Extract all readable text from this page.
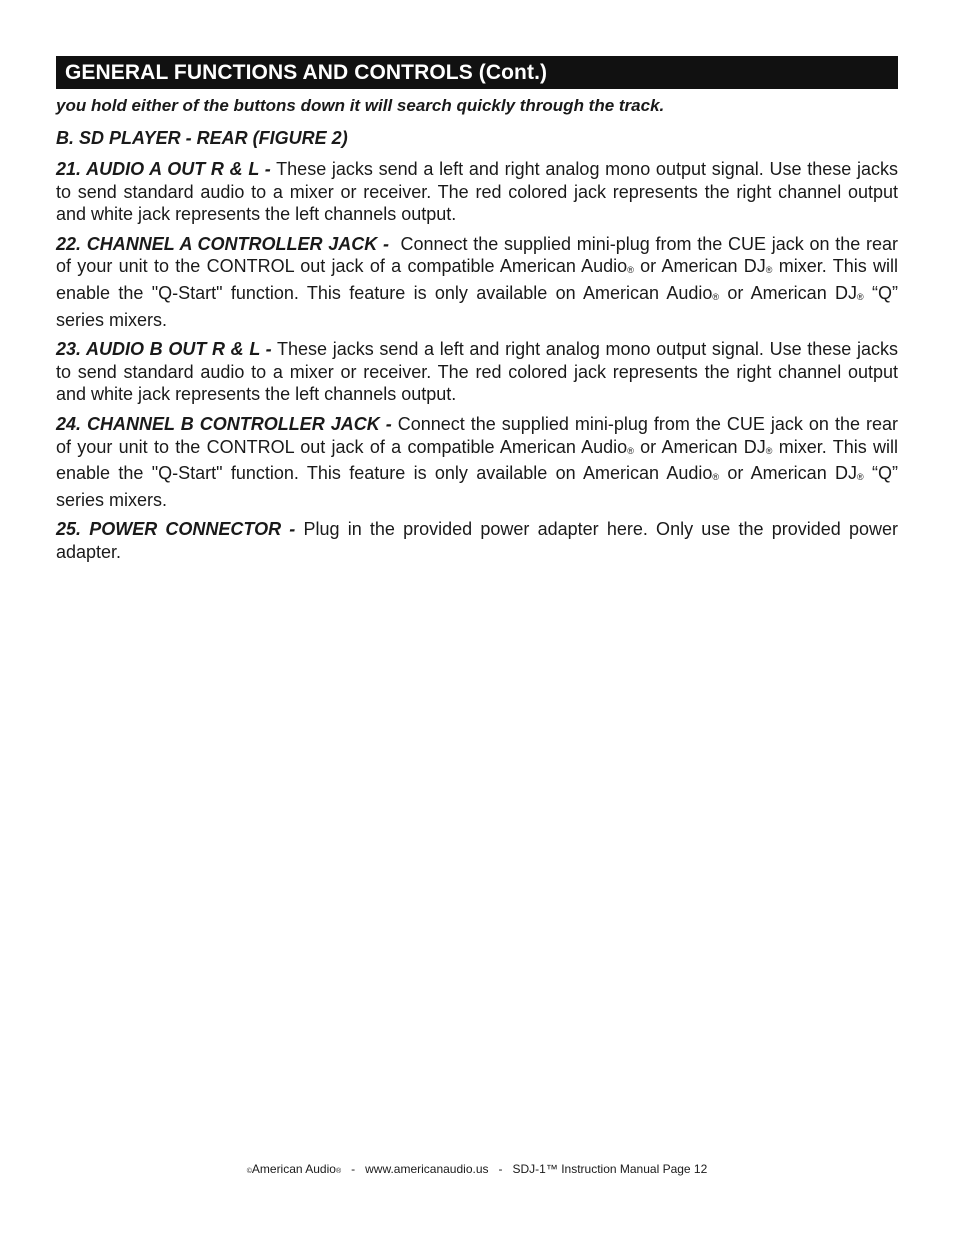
GENERAL FUNCTIONS AND CONTROLS (Cont.)

you hold either of the buttons down it will search quickly through the track.

B. SD PLAYER - REAR (FIGURE 2)

21. AUDIO A OUT R & L - These jacks send a left and right analog mono output signal. Use these jacks to send standard audio to a mixer or receiver. The red colored jack represents the right channel output and white jack represents the left channels output.

22. CHANNEL A CONTROLLER JACK - Connect the supplied mini-plug from the CUE jack on the rear of your unit to the CONTROL out jack of a compatible American Audio® or American DJ® mixer. This will enable the "Q-Start" function. This feature is only available on American Audio® or American DJ® “Q” series mixers.

23. AUDIO B OUT R & L - These jacks send a left and right analog mono output signal. Use these jacks to send standard audio to a mixer or receiver. The red colored jack represents the right channel output and white jack represents the left channels output.

24. CHANNEL B CONTROLLER JACK - Connect the supplied mini-plug from the CUE jack on the rear of your unit to the CONTROL out jack of a compatible American Audio® or American DJ® mixer. This will enable the "Q-Start" function. This feature is only available on American Audio® or American DJ® “Q” series mixers.

25. POWER CONNECTOR - Plug in the provided power adapter here. Only use the provided power adapter.

©American Audio® - www.americanaudio.us - SDJ-1™ Instruction Manual Page 12
